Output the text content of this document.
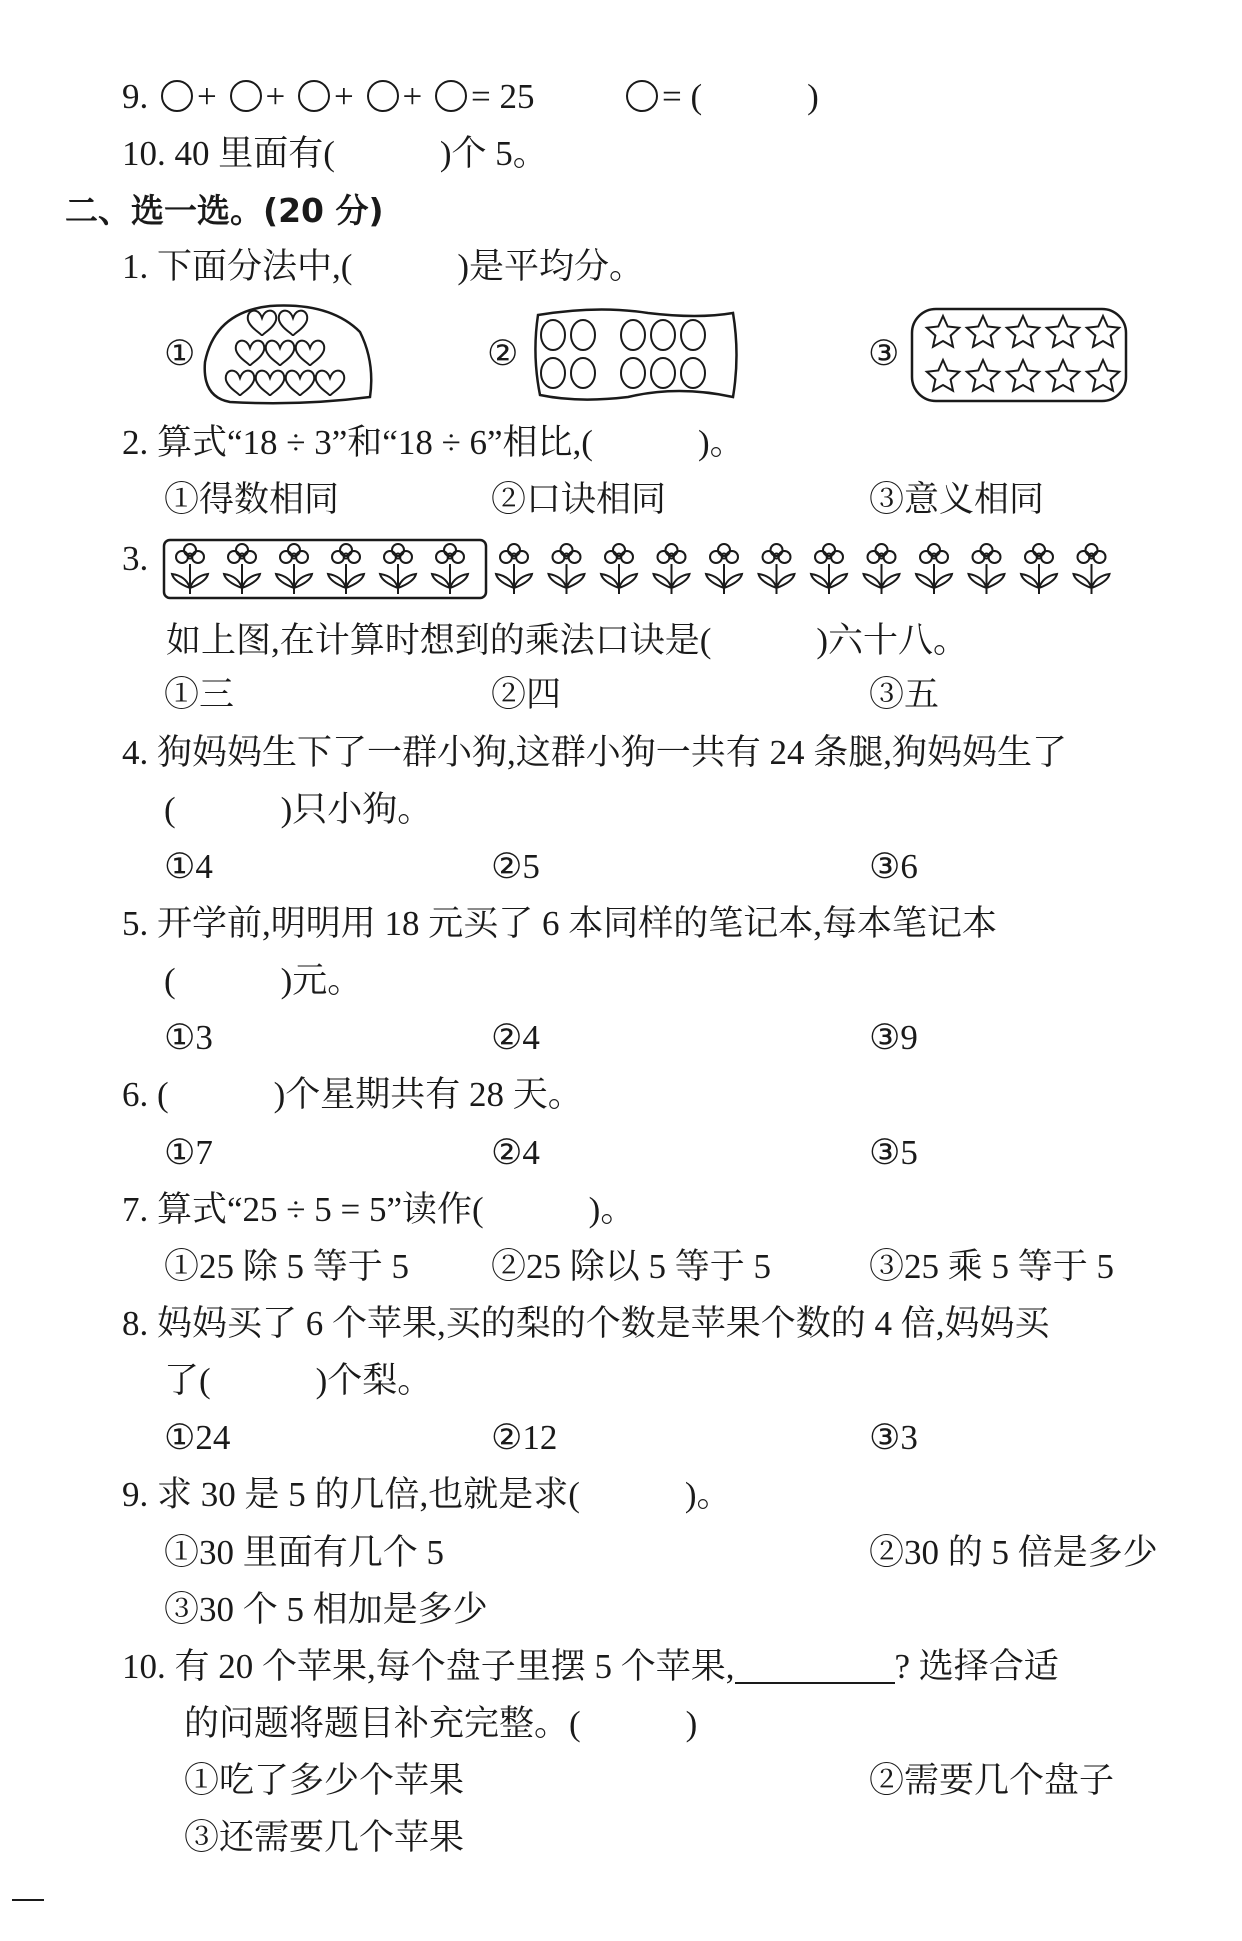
9. + + + + = 25	= (　　　)
10. 40 里面有(　　　)个 5。
二、选一选。(20 分)
1. 下面分法中,(　　　)是平均分。
①	②	③
2. 算式“18 ÷ 3”和“18 ÷ 6”相比,(　　　)。
①得数相同	②口诀相同	③意义相同
3.
如上图,在计算时想到的乘法口诀是(　　　)六十八。
①三	②四	③五
4. 狗妈妈生下了一群小狗,这群小狗一共有 24 条腿,狗妈妈生了
(　　　)只小狗。
①4	②5	③6
5. 开学前,明明用 18 元买了 6 本同样的笔记本,每本笔记本
(　　　)元。
①3	②4	③9
6. (　　　)个星期共有 28 天。
①7	②4	③5
7. 算式“25 ÷ 5 = 5”读作(　　　)。
①25 除 5 等于 5 ②25 除以 5 等于 5	③25 乘 5 等于 5
8. 妈妈买了 6 个苹果,买的梨的个数是苹果个数的 4 倍,妈妈买
了(　　　)个梨。
①24	②12	③3
9. 求 30 是 5 的几倍,也就是求(　　　)。
①30 里面有几个 5	②30 的 5 倍是多少
③30 个 5 相加是多少
10. 有 20 个苹果,每个盘子里摆 5 个苹果,	? 选择合适
的问题将题目补充完整。(　　　)
①吃了多少个苹果	②需要几个盘子
③还需要几个苹果
